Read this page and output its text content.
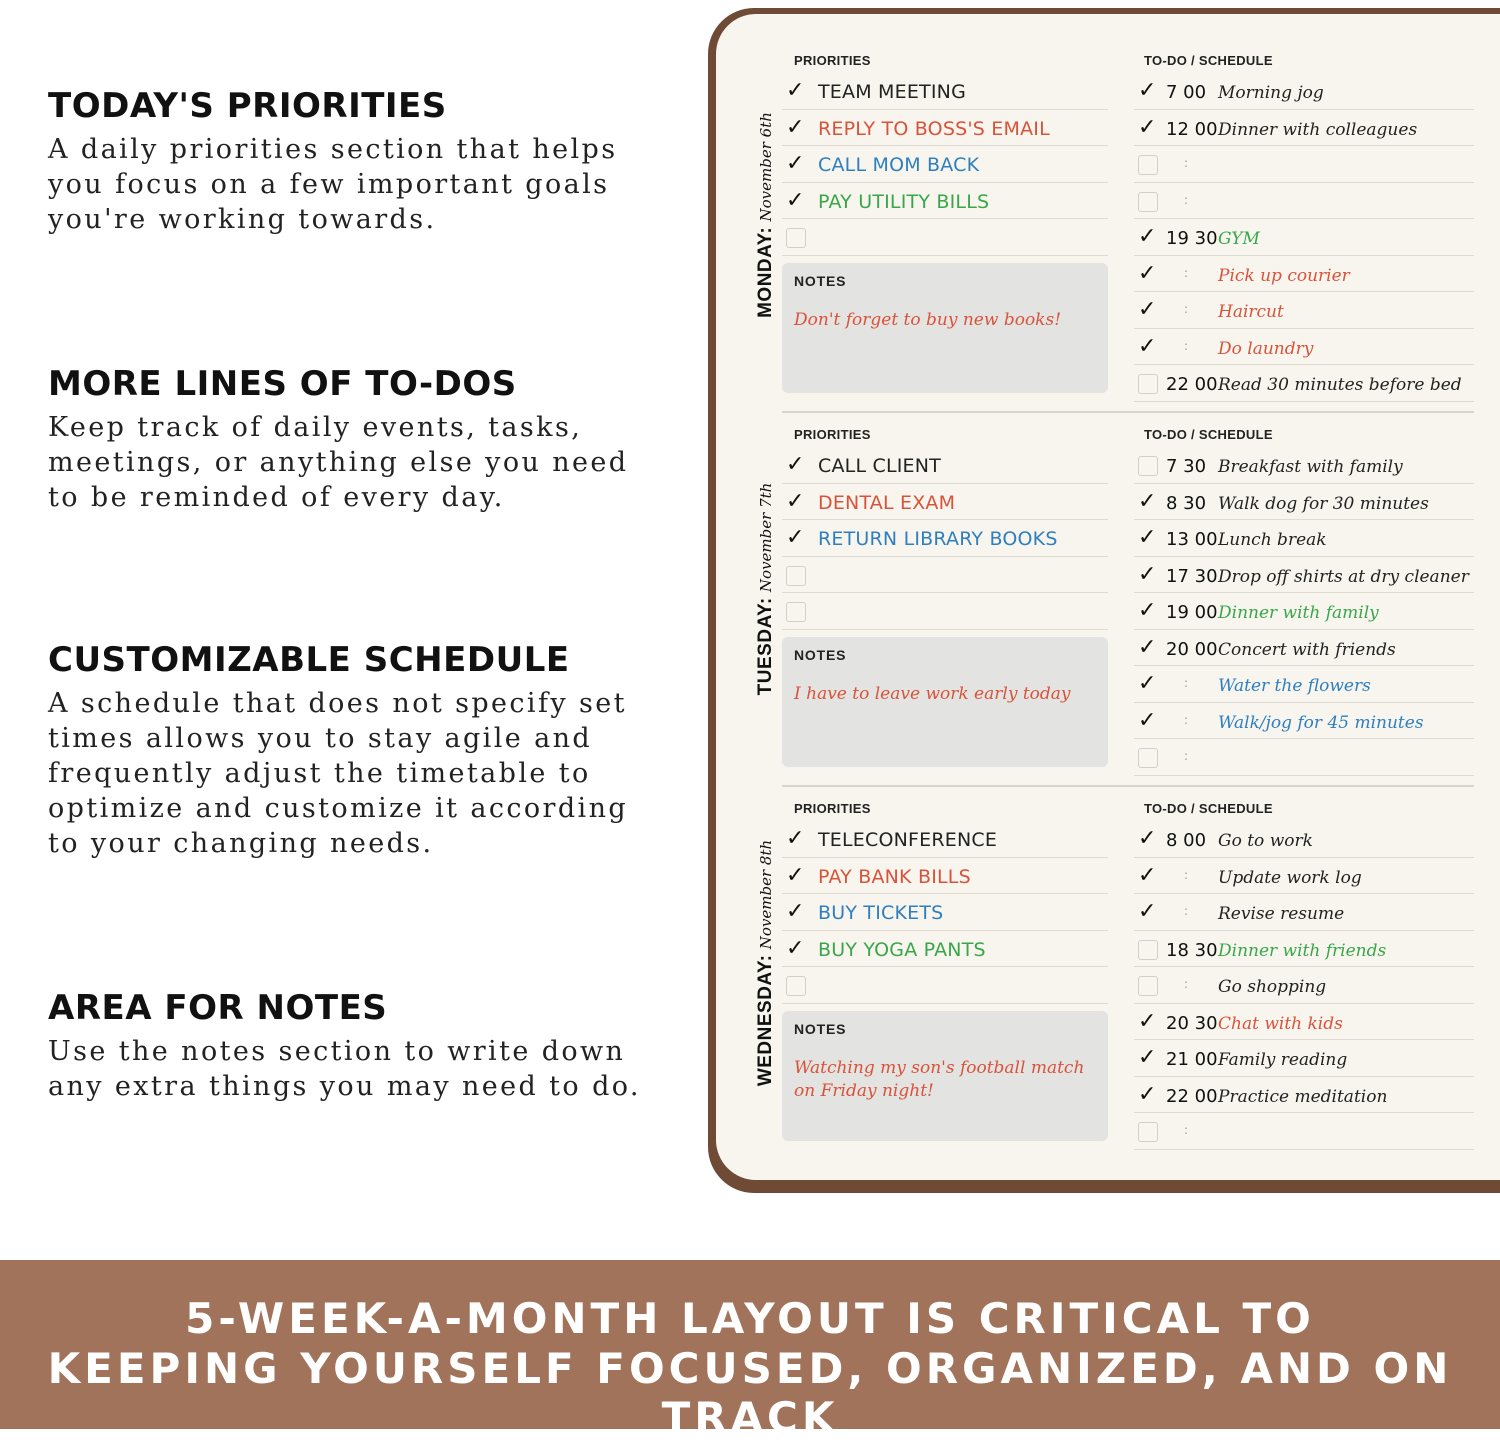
TODAY'S PRIORITIES

A daily priorities section that helps
you focus on a few important goals
you're working towards.

MORE LINES OF TO-DOS

Keep track of daily events, tasks,
meetings, or anything else you need
to be reminded of every day.

CUSTOMIZABLE SCHEDULE

A schedule that does not specify set
times allows you to stay agile and
frequently adjust the timetable to
optimize and customize it according
to your changing needs.

AREA FOR NOTES

Use the notes section to write down
any extra things you may need to do.

MONDAY: November 6th
PRIORITIES	TO-DO / SCHEDULE
✓ TEAM MEETING
✓ REPLY TO BOSS'S EMAIL
✓ CALL MOM BACK
✓ PAY UTILITY BILLS
NOTES
Don't forget to buy new books!
✓ 7 00 Morning jog
✓ 12 00 Dinner with colleagues
:
:
✓ 19 30 GYM
✓ : Pick up courier
✓ : Haircut
✓ : Do laundry
22 00 Read 30 minutes before bed
TUESDAY: November 7th
PRIORITIES	TO-DO / SCHEDULE
✓ CALL CLIENT
✓ DENTAL EXAM
✓ RETURN LIBRARY BOOKS
NOTES
I have to leave work early today
7 30 Breakfast with family
✓ 8 30 Walk dog for 30 minutes
✓ 13 00 Lunch break
✓ 17 30 Drop off shirts at dry cleaner
✓ 19 00 Dinner with family
✓ 20 00 Concert with friends
✓ : Water the flowers
✓ : Walk/jog for 45 minutes
:
WEDNESDAY: November 8th
PRIORITIES	TO-DO / SCHEDULE
✓ TELECONFERENCE
✓ PAY BANK BILLS
✓ BUY TICKETS
✓ BUY YOGA PANTS
NOTES
Watching my son's football match on Friday night!
✓ 8 00 Go to work
✓ : Update work log
✓ : Revise resume
18 30 Dinner with friends
: Go shopping
✓ 20 30 Chat with kids
✓ 21 00 Family reading
✓ 22 00 Practice meditation
:
5-WEEK-A-MONTH LAYOUT IS CRITICAL TO
KEEPING YOURSELF FOCUSED, ORGANIZED, AND ON TRACK
